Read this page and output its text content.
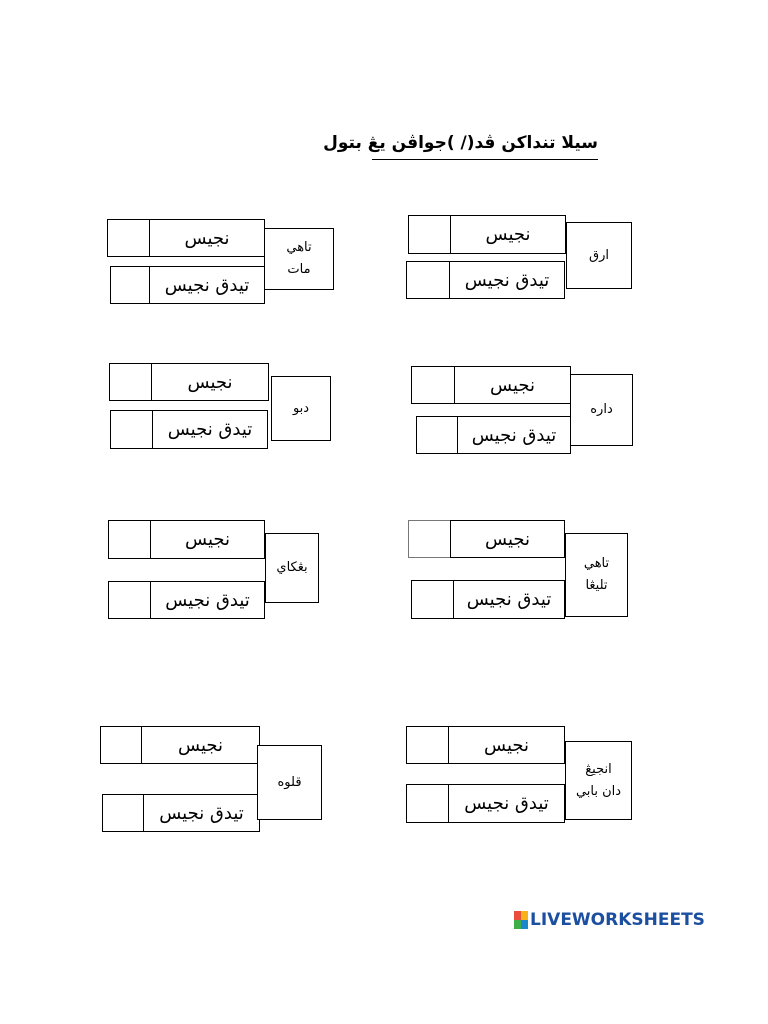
سيلا تنداكن ڤد(/ )جواڤن يڠ بتول
نجيس
تيدق نجيس
ارق
نجيس
تيدق نجيس
تاهي
مات
نجيس
تيدق نجيس
داره
نجيس
تيدق نجيس
دبو
نجيس
تيدق نجيس
تاهي
تليڠا
نجيس
تيدق نجيس
بڠكاي
نجيس
تيدق نجيس
انجيڠ
دان بابي
نجيس
تيدق نجيس
قلوه
LIVEWORKSHEETS
